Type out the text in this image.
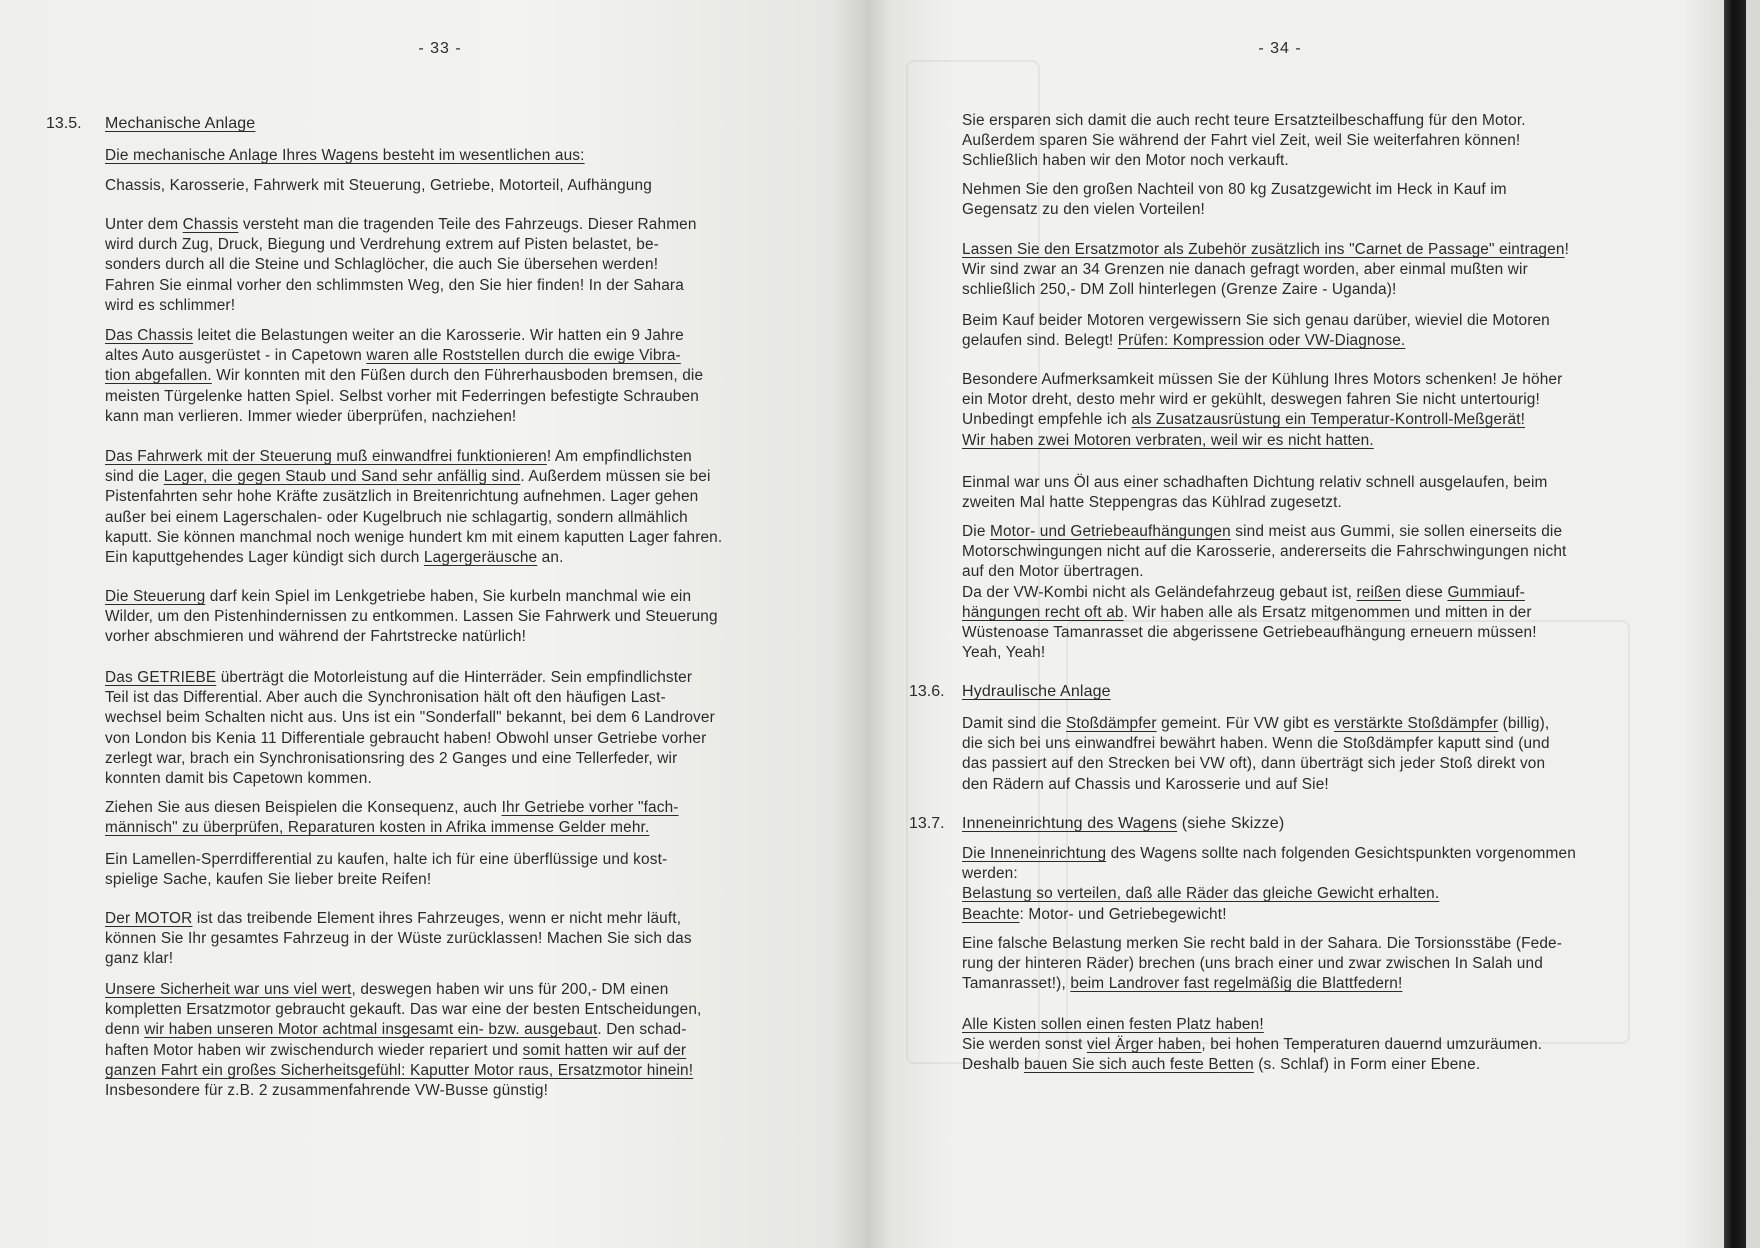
- 33 -
13.5. Mechanische Anlage
Die mechanische Anlage Ihres Wagens besteht im wesentlichen aus:
Chassis, Karosserie, Fahrwerk mit Steuerung, Getriebe, Motorteil, Aufhängung
Unter dem Chassis versteht man die tragenden Teile des Fahrzeugs. Dieser Rahmen
wird durch Zug, Druck, Biegung und Verdrehung extrem auf Pisten belastet, be-
sonders durch all die Steine und Schlaglöcher, die auch Sie übersehen werden!
Fahren Sie einmal vorher den schlimmsten Weg, den Sie hier finden! In der Sahara
wird es schlimmer!
Das Chassis leitet die Belastungen weiter an die Karosserie. Wir hatten ein 9 Jahre
altes Auto ausgerüstet - in Capetown waren alle Roststellen durch die ewige Vibra-
tion abgefallen. Wir konnten mit den Füßen durch den Führerhausboden bremsen, die
meisten Türgelenke hatten Spiel. Selbst vorher mit Federringen befestigte Schrauben
kann man verlieren. Immer wieder überprüfen, nachziehen!
Das Fahrwerk mit der Steuerung muß einwandfrei funktionieren! Am empfindlichsten
sind die Lager, die gegen Staub und Sand sehr anfällig sind. Außerdem müssen sie bei
Pistenfahrten sehr hohe Kräfte zusätzlich in Breitenrichtung aufnehmen. Lager gehen
außer bei einem Lagerschalen- oder Kugelbruch nie schlagartig, sondern allmählich
kaputt. Sie können manchmal noch wenige hundert km mit einem kaputten Lager fahren.
Ein kaputtgehendes Lager kündigt sich durch Lagergeräusche an.
Die Steuerung darf kein Spiel im Lenkgetriebe haben, Sie kurbeln manchmal wie ein
Wilder, um den Pistenhindernissen zu entkommen. Lassen Sie Fahrwerk und Steuerung
vorher abschmieren und während der Fahrtstrecke natürlich!
Das GETRIEBE überträgt die Motorleistung auf die Hinterräder. Sein empfindlichster
Teil ist das Differential. Aber auch die Synchronisation hält oft den häufigen Last-
wechsel beim Schalten nicht aus. Uns ist ein "Sonderfall" bekannt, bei dem 6 Landrover
von London bis Kenia 11 Differentiale gebraucht haben! Obwohl unser Getriebe vorher
zerlegt war, brach ein Synchronisationsring des 2 Ganges und eine Tellerfeder, wir
konnten damit bis Capetown kommen.
Ziehen Sie aus diesen Beispielen die Konsequenz, auch Ihr Getriebe vorher "fach-
männisch" zu überprüfen, Reparaturen kosten in Afrika immense Gelder mehr.
Ein Lamellen-Sperrdifferential zu kaufen, halte ich für eine überflüssige und kost-
spielige Sache, kaufen Sie lieber breite Reifen!
Der MOTOR ist das treibende Element ihres Fahrzeuges, wenn er nicht mehr läuft,
können Sie Ihr gesamtes Fahrzeug in der Wüste zurücklassen! Machen Sie sich das
ganz klar!
Unsere Sicherheit war uns viel wert, deswegen haben wir uns für 200,- DM einen
kompletten Ersatzmotor gebraucht gekauft. Das war eine der besten Entscheidungen,
denn wir haben unseren Motor achtmal insgesamt ein- bzw. ausgebaut. Den schad-
haften Motor haben wir zwischendurch wieder repariert und somit hatten wir auf der
ganzen Fahrt ein großes Sicherheitsgefühl: Kaputter Motor raus, Ersatzmotor hinein!
Insbesondere für z.B. 2 zusammenfahrende VW-Busse günstig!
- 34 -
Sie ersparen sich damit die auch recht teure Ersatzteilbeschaffung für den Motor.
Außerdem sparen Sie während der Fahrt viel Zeit, weil Sie weiterfahren können!
Schließlich haben wir den Motor noch verkauft.
Nehmen Sie den großen Nachteil von 80 kg Zusatzgewicht im Heck in Kauf im
Gegensatz zu den vielen Vorteilen!
Lassen Sie den Ersatzmotor als Zubehör zusätzlich ins "Carnet de Passage" eintragen!
Wir sind zwar an 34 Grenzen nie danach gefragt worden, aber einmal mußten wir
schließlich 250,- DM Zoll hinterlegen (Grenze Zaire - Uganda)!
Beim Kauf beider Motoren vergewissern Sie sich genau darüber, wieviel die Motoren
gelaufen sind. Belegt! Prüfen: Kompression oder VW-Diagnose.
Besondere Aufmerksamkeit müssen Sie der Kühlung Ihres Motors schenken! Je höher
ein Motor dreht, desto mehr wird er gekühlt, deswegen fahren Sie nicht untertourig!
Unbedingt empfehle ich als Zusatzausrüstung ein Temperatur-Kontroll-Meßgerät!
Wir haben zwei Motoren verbraten, weil wir es nicht hatten.
Einmal war uns Öl aus einer schadhaften Dichtung relativ schnell ausgelaufen, beim
zweiten Mal hatte Steppengras das Kühlrad zugesetzt.
Die Motor- und Getriebeaufhängungen sind meist aus Gummi, sie sollen einerseits die
Motorschwingungen nicht auf die Karosserie, andererseits die Fahrschwingungen nicht
auf den Motor übertragen.
Da der VW-Kombi nicht als Geländefahrzeug gebaut ist, reißen diese Gummiauf-
hängungen recht oft ab. Wir haben alle als Ersatz mitgenommen und mitten in der
Wüstenoase Tamanrasset die abgerissene Getriebeaufhängung erneuern müssen!
Yeah, Yeah!
13.6. Hydraulische Anlage
Damit sind die Stoßdämpfer gemeint. Für VW gibt es verstärkte Stoßdämpfer (billig),
die sich bei uns einwandfrei bewährt haben. Wenn die Stoßdämpfer kaputt sind (und
das passiert auf den Strecken bei VW oft), dann überträgt sich jeder Stoß direkt von
den Rädern auf Chassis und Karosserie und auf Sie!
13.7. Inneneinrichtung des Wagens (siehe Skizze)
Die Inneneinrichtung des Wagens sollte nach folgenden Gesichtspunkten vorgenommen
werden:
Belastung so verteilen, daß alle Räder das gleiche Gewicht erhalten.
Beachte: Motor- und Getriebegewicht!
Eine falsche Belastung merken Sie recht bald in der Sahara. Die Torsionsstäbe (Fede-
rung der hinteren Räder) brechen (uns brach einer und zwar zwischen In Salah und
Tamanrasset!), beim Landrover fast regelmäßig die Blattfedern!
Alle Kisten sollen einen festen Platz haben!
Sie werden sonst viel Ärger haben, bei hohen Temperaturen dauernd umzuräumen.
Deshalb bauen Sie sich auch feste Betten (s. Schlaf) in Form einer Ebene.
